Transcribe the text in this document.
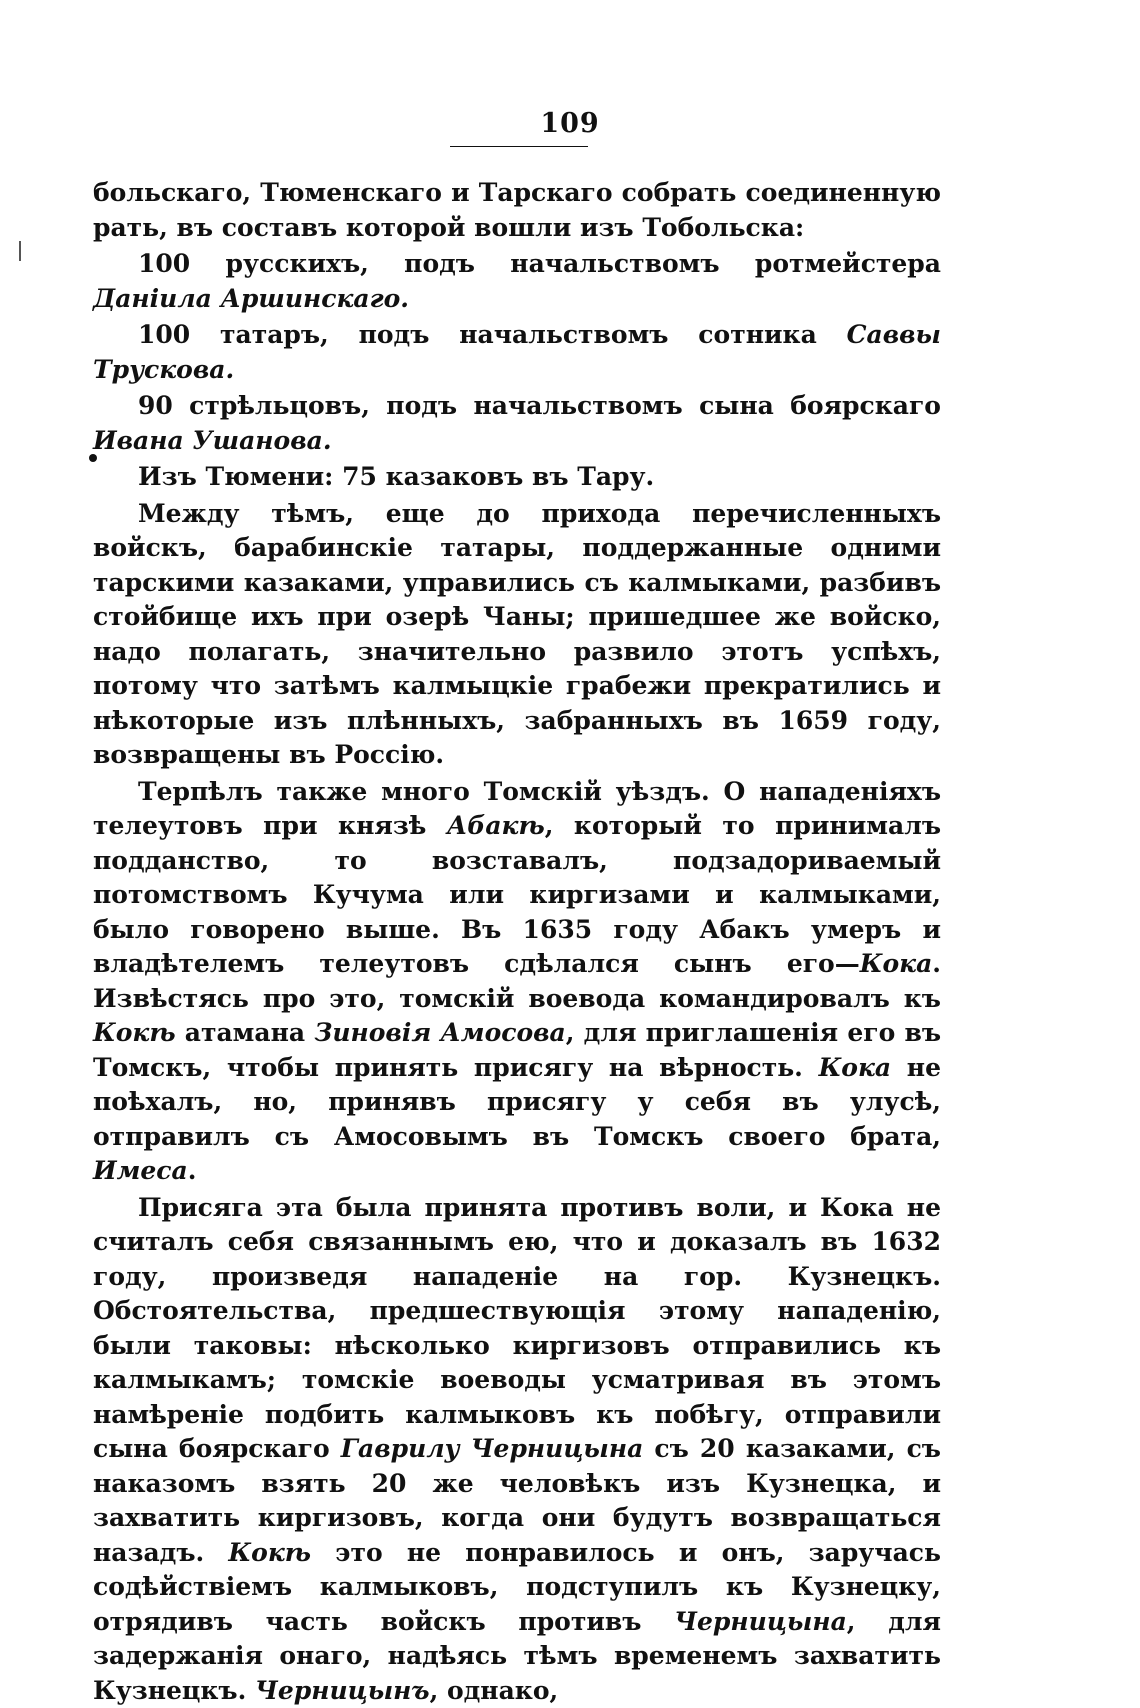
109

больскаго, Тюменскаго и Тарскаго собрать соединенную рать, въ составъ которой вошли изъ Тобольска:

100 русскихъ, подъ начальствомъ ротмейстера Данiила Аршинскаго.

100 татаръ, подъ начальствомъ сотника Саввы Трускова.

90 стрѣльцовъ, подъ начальствомъ сына боярскаго Ивана Ушанова.

Изъ Тюмени: 75 казаковъ въ Тару.

Между тѣмъ, еще до прихода перечисленныхъ войскъ, барабинскiе татары, поддержанные одними тарскими казаками, управились съ калмыками, разбивъ стойбище ихъ при озерѣ Чаны; пришедшее же войско, надо полагать, значительно развило этотъ успѣхъ, потому что затѣмъ калмыцкiе грабежи прекратились и нѣкоторые изъ плѣнныхъ, забранныхъ въ 1659 году, возвращены въ Россiю.

Терпѣлъ также много Томскiй уѣздъ. О нападенiяхъ телеутовъ при князѣ Абакѣ, который то принималъ подданство, то возставалъ, подзадориваемый потомствомъ Кучума или киргизами и калмыками, было говорено выше. Въ 1635 году Абакъ умеръ и владѣтелемъ телеутовъ сдѣлался сынъ его—Кока. Извѣстясь про это, томскiй воевода командировалъ къ Кокѣ атамана Зиновiя Амосова, для приглашенiя его въ Томскъ, чтобы принять присягу на вѣрность. Кока не поѣхалъ, но, принявъ присягу у себя въ улусѣ, отправилъ съ Амосовымъ въ Томскъ своего брата, Имеса.

Присяга эта была принята противъ воли, и Кока не считалъ себя связаннымъ ею, что и доказалъ въ 1632 году, произведя нападенiе на гор. Кузнецкъ. Обстоятельства, предшествующiя этому нападенiю, были таковы: нѣсколько киргизовъ отправились къ калмыкамъ; томскiе воеводы усматривая въ этомъ намѣренiе подбить калмыковъ къ побѣгу, отправили сына боярскаго Гаврилу Черницына съ 20 казаками, съ наказомъ взять 20 же человѣкъ изъ Кузнецка, и захватить киргизовъ, когда они будутъ возвращаться назадъ. Кокѣ это не понравилось и онъ, заручась содѣйствiемъ калмыковъ, подступилъ къ Кузнецку, отрядивъ часть войскъ противъ Черницына, для задержанiя онаго, надѣясь тѣмъ временемъ захватить Кузнецкъ. Черницынъ, однако,
